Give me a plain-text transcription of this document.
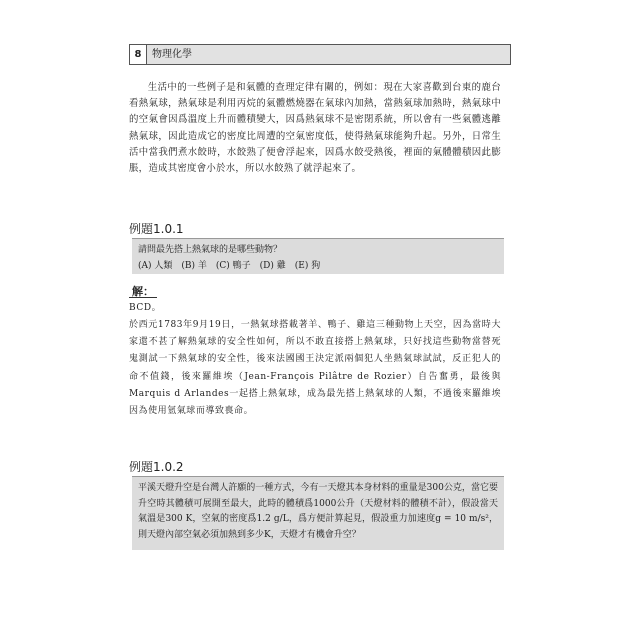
8 物理化學

生活中的一些例子是和氣體的查理定律有關的，例如：現在大家喜歡到台東的鹿台看熱氣球，熱氣球是利用丙烷的氣體燃燒器在氣球內加熱，當熱氣球加熱時，熱氣球中的空氣會因爲溫度上升而體積變大，因爲熱氣球不是密閉系統，所以會有一些氣體逃離熱氣球，因此造成它的密度比周遭的空氣密度低，使得熱氣球能夠升起。另外，日常生活中當我們煮水餃時，水餃熟了便會浮起來，因爲水餃受熱後，裡面的氣體體積因此膨脹，造成其密度會小於水，所以水餃熟了就浮起來了。

例題1.0.1
請問最先搭上熱氣球的是哪些動物？
(A) 人類　(B) 羊　(C) 鴨子　(D) 雞　(E) 狗
解：

BCD。

於西元1783年9月19日，一熱氣球搭載著羊、鴨子、雞這三種動物上天空，因為當時大家還不甚了解熱氣球的安全性如何，所以不敢直接搭上熱氣球，只好找這些動物當替死鬼測試一下熱氣球的安全性，後來法國國王決定派兩個犯人坐熱氣球試試，反正犯人的命不值錢，後來羅維埃（Jean-François Pilâtre de Rozier）自告奮勇，最後與Marquis d Arlandes一起搭上熱氣球，成為最先搭上熱氣球的人類，不過後來羅維埃因為使用氫氣球而導致喪命。

例題1.0.2
平溪天燈升空是台灣人許願的一種方式，今有一天燈其本身材料的重量是300公克，當它要升空時其體積可展開至最大，此時的體積爲1000公升（天燈材料的體積不計），假設當天氣溫是300 K，空氣的密度爲1.2 g/L，爲方便計算起見，假設重力加速度g = 10 m/s²，則天燈內部空氣必須加熱到多少K，天燈才有機會升空？
